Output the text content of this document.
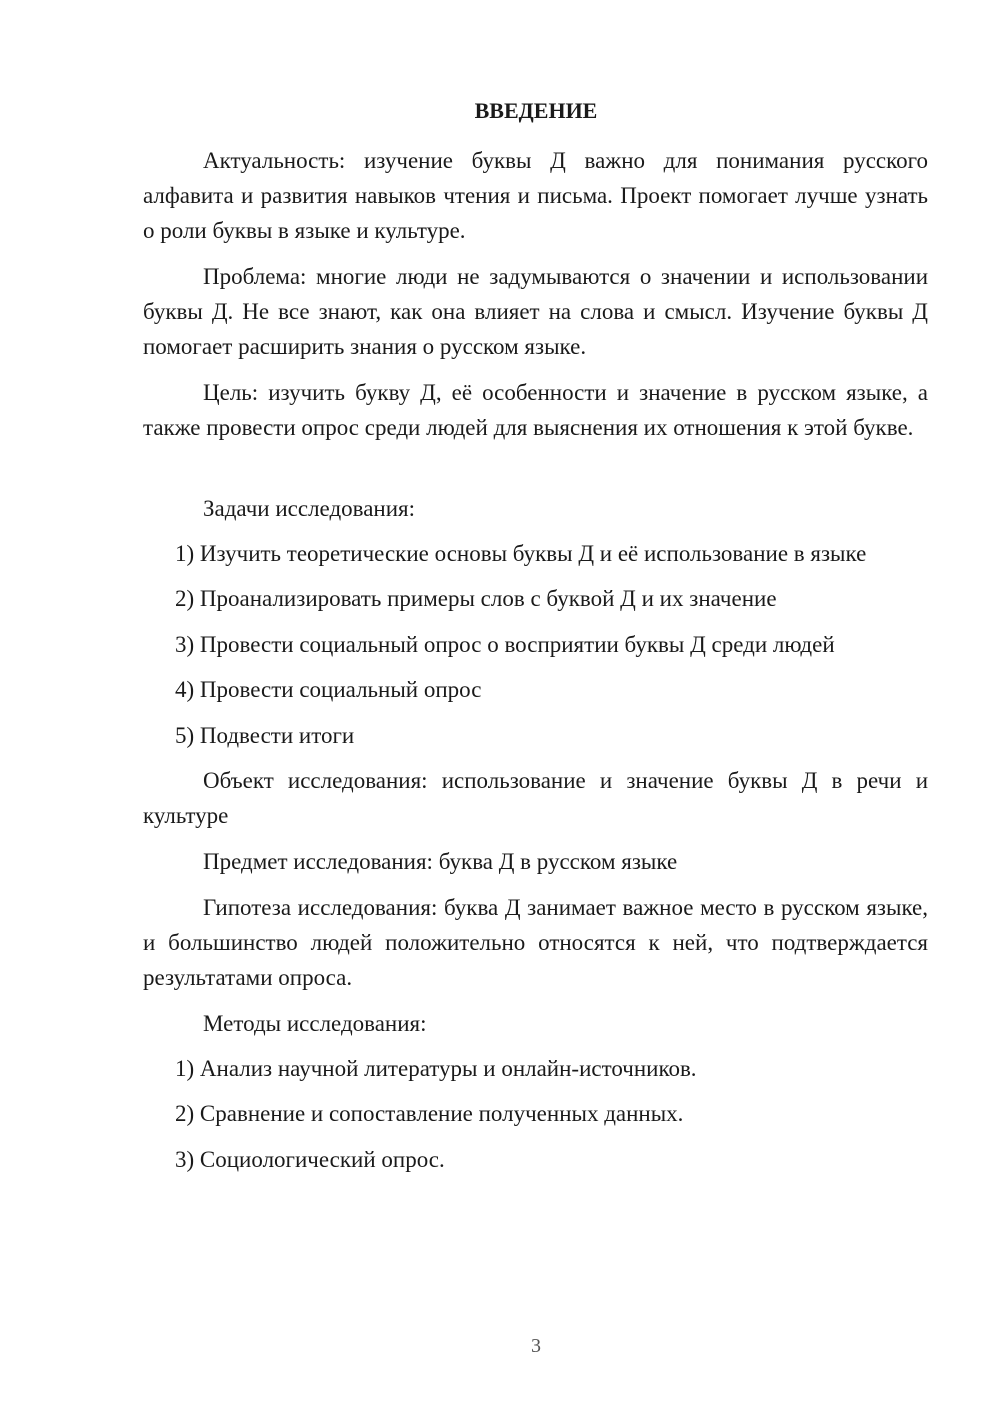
ВВЕДЕНИЕ

Актуальность: изучение буквы Д важно для понимания русского алфавита и развития навыков чтения и письма. Проект помогает лучше узнать о роли буквы в языке и культуре.

Проблема: многие люди не задумываются о значении и использовании буквы Д. Не все знают, как она влияет на слова и смысл. Изучение буквы Д помогает расширить знания о русском языке.

Цель: изучить букву Д, её особенности и значение в русском языке, а также провести опрос среди людей для выяснения их отношения к этой букве.

Задачи исследования:

1) Изучить теоретические основы буквы Д и её использование в языке

2) Проанализировать примеры слов с буквой Д и их значение

3) Провести социальный опрос о восприятии буквы Д среди людей

4) Провести социальный опрос

5) Подвести итоги

Объект исследования: использование и значение буквы Д в речи и культуре

Предмет исследования: буква Д в русском языке

Гипотеза исследования: буква Д занимает важное место в русском языке, и большинство людей положительно относятся к ней, что подтверждается результатами опроса.

Методы исследования:

1) Анализ научной литературы и онлайн-источников.

2) Сравнение и сопоставление полученных данных.

3) Социологический опрос.

3
